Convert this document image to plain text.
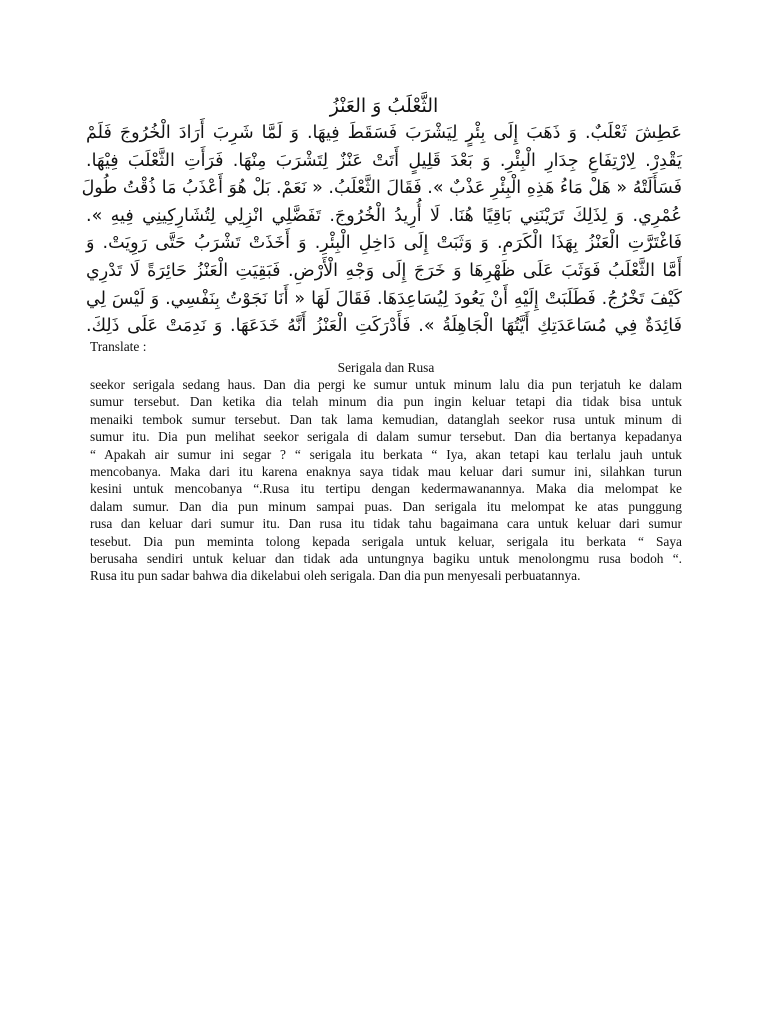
الثَّعْلَبُ وَ العَنْزُ

عَطِشَ ثَعْلَبٌ. وَ ذَهَبَ إِلَى بِئْرٍ لِيَشْرَبَ فَسَقَطَ فِيهَا. وَ لَمَّا شَرِبَ أَرَادَ الْخُرُوجَ فَلَمْ

يَقْدِرْ. لِارْتِفَاعِ جِدَارِ الْبِئْرِ. وَ بَعْدَ قَلِيلٍ أَتَتْ عَنْزٌ لِتَشْرَبَ مِنْهَا. فَرَأَتِ الثَّعْلَبَ فِيْهَا.

فَسَأَلَتْهُ « هَلْ مَاءُ هَذِهِ الْبِئْرِ عَذْبٌ ». فَقَالَ الثَّعْلَبُ. « نَعَمْ. بَلْ هُوَ أَعْذَبُ مَا ذُقْتُ طُولَ

عُمْرِي. وَ لِذَلِكَ تَرَيْنَنِي بَاقِيًا هُنَا. لَا أُرِيدُ الْخُرُوجَ. تَفَضَّلِي انْزِلِي لِتُشَارِكِينِي فِيهِ ».

فَاغْتَرَّتِ الْعَنْزُ بِهَذَا الْكَرَمِ. وَ وَثَبَتْ إِلَى دَاخِلِ الْبِئْرِ. وَ أَخَذَتْ تَشْرَبُ حَتَّى رَوِيَتْ. وَ

أَمَّا الثَّعْلَبُ فَوَثَبَ عَلَى ظَهْرِهَا وَ خَرَجَ إِلَى وَجْهِ الْأَرْضِ. فَبَقِيَتِ الْعَنْزُ حَائِرَةً لَا تَدْرِي

كَيْفَ تَخْرُجُ. فَطَلَبَتْ إِلَيْهِ أَنْ يَعُودَ لِيُسَاعِدَهَا. فَقَالَ لَهَا « أَنَا نَجَوْتُ بِنَفْسِي. وَ لَيْسَ لِي

فَائِدَةٌ فِي مُسَاعَدَتِكِ أَيَّتُهَا الْجَاهِلَةُ ». فَأَدْرَكَتِ الْعَنْزُ أَنَّهُ خَدَعَهَا. وَ نَدِمَتْ عَلَى ذَلِكَ.

Translate :

Serigala dan Rusa

seekor serigala sedang haus. Dan dia pergi ke sumur untuk minum lalu dia pun terjatuh ke dalam

sumur tersebut. Dan ketika dia telah minum dia pun ingin keluar tetapi dia tidak bisa untuk

menaiki tembok sumur tersebut. Dan tak lama kemudian, datanglah seekor rusa untuk minum di

sumur itu. Dia pun melihat seekor serigala di dalam sumur tersebut. Dan dia bertanya kepadanya

“ Apakah air sumur ini segar ? “ serigala itu berkata “ Iya, akan tetapi kau terlalu jauh untuk

mencobanya. Maka dari itu karena enaknya saya tidak mau keluar dari sumur ini, silahkan turun

kesini untuk mencobanya “.Rusa itu tertipu dengan kedermawanannya. Maka dia melompat ke

dalam sumur. Dan dia pun minum sampai puas. Dan serigala itu melompat ke atas punggung

rusa dan keluar dari sumur itu. Dan rusa itu tidak tahu bagaimana cara untuk keluar dari sumur

tesebut. Dia pun meminta tolong kepada serigala untuk keluar, serigala itu berkata “ Saya

berusaha sendiri untuk keluar dan tidak ada untungnya bagiku untuk menolongmu rusa bodoh “.

Rusa itu pun sadar bahwa dia dikelabui oleh serigala. Dan dia pun menyesali perbuatannya.
